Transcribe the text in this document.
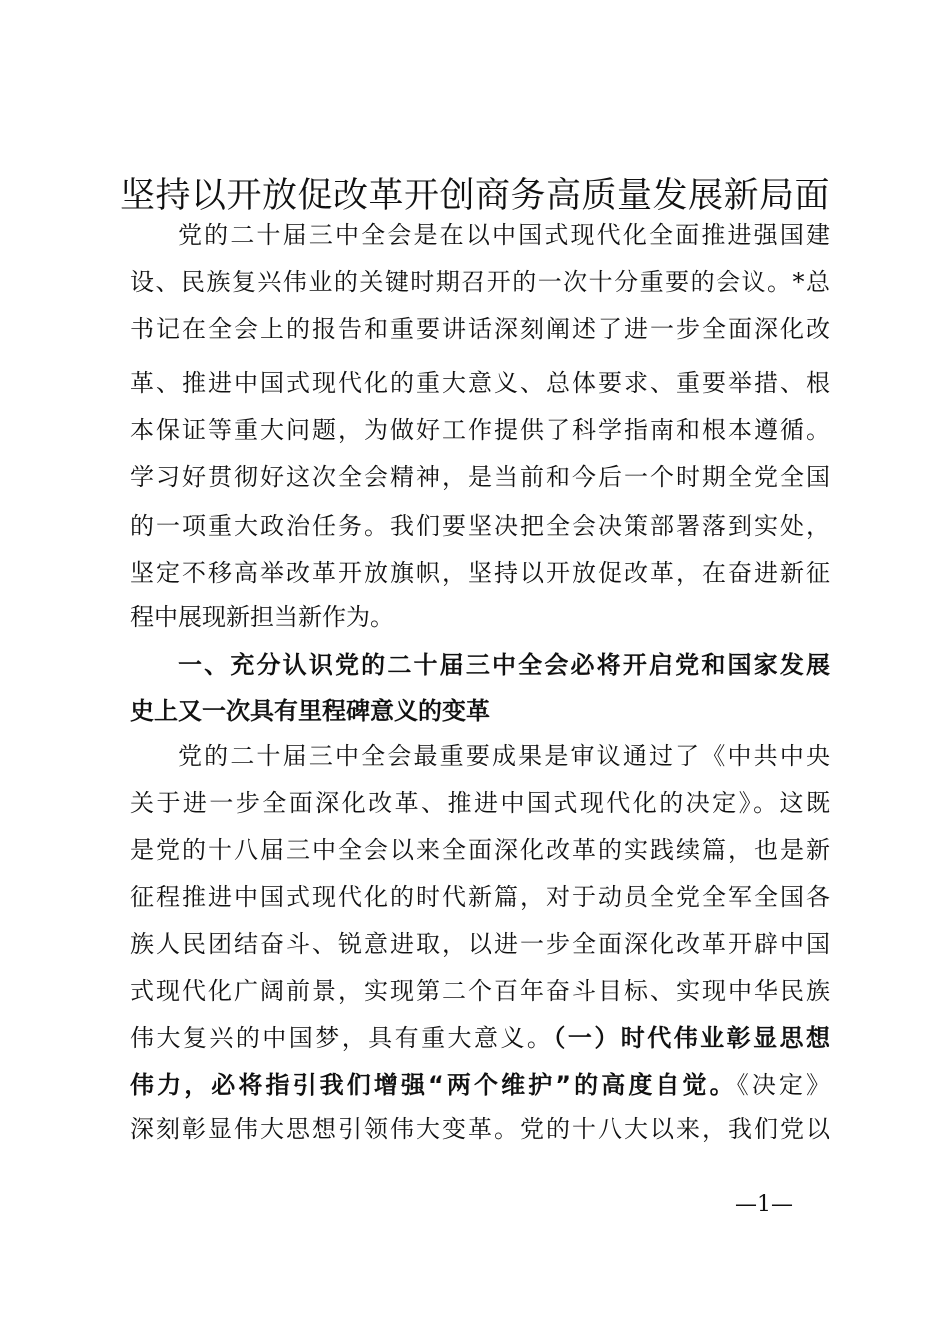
坚持以开放促改革开创商务高质量发展新局面

党的二十届三中全会是在以中国式现代化全面推进强国建

设、民族复兴伟业的关键时期召开的一次十分重要的会议。*总

书记在全会上的报告和重要讲话深刻阐述了进一步全面深化改

革、推进中国式现代化的重大意义、总体要求、重要举措、根

本保证等重大问题，为做好工作提供了科学指南和根本遵循。

学习好贯彻好这次全会精神，是当前和今后一个时期全党全国

的一项重大政治任务。我们要坚决把全会决策部署落到实处，

坚定不移高举改革开放旗帜，坚持以开放促改革，在奋进新征

程中展现新担当新作为。

一、充分认识党的二十届三中全会必将开启党和国家发展

史上又一次具有里程碑意义的变革

党的二十届三中全会最重要成果是审议通过了《中共中央

关于进一步全面深化改革、推进中国式现代化的决定》。这既

是党的十八届三中全会以来全面深化改革的实践续篇，也是新

征程推进中国式现代化的时代新篇，对于动员全党全军全国各

族人民团结奋斗、锐意进取，以进一步全面深化改革开辟中国

式现代化广阔前景，实现第二个百年奋斗目标、实现中华民族

伟大复兴的中国梦，具有重大意义。（一）时代伟业彰显思想

伟力，必将指引我们增强“两个维护”的高度自觉。《决定》

深刻彰显伟大思想引领伟大变革。党的十八大以来，我们党以

—1—
